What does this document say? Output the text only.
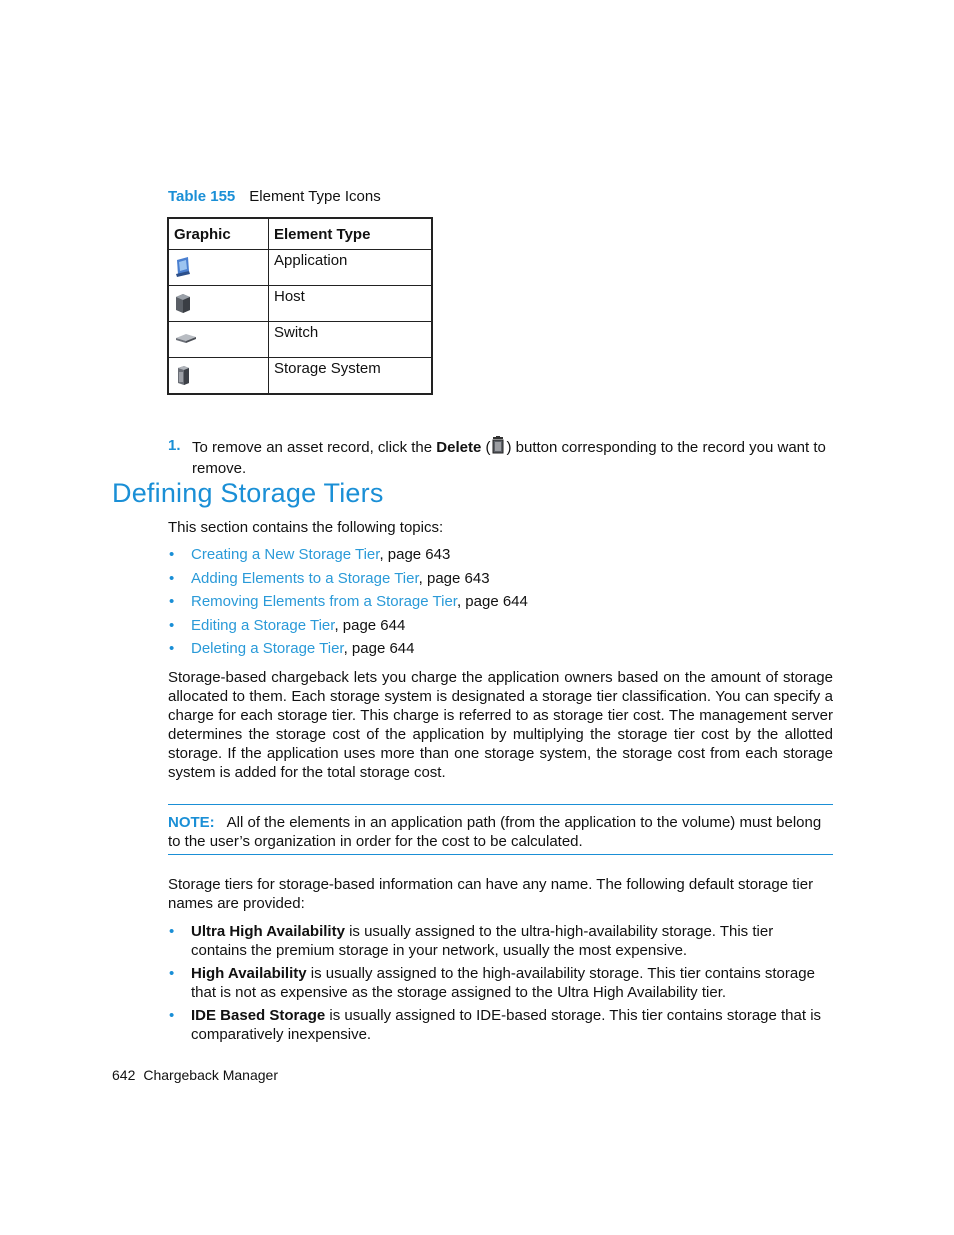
Table 155 Element Type Icons
Graphic	Element Type
	Application
	Host
	Switch
	Storage System
1. To remove an asset record, click the Delete ( ) button corresponding to the record you want to remove.
Defining Storage Tiers
This section contains the following topics:
• Creating a New Storage Tier, page 643
• Adding Elements to a Storage Tier, page 643
• Removing Elements from a Storage Tier, page 644
• Editing a Storage Tier, page 644
• Deleting a Storage Tier, page 644
Storage-based chargeback lets you charge the application owners based on the amount of storage allocated to them. Each storage system is designated a storage tier classification. You can specify a charge for each storage tier. This charge is referred to as storage tier cost. The management server determines the storage cost of the application by multiplying the storage tier cost by the allotted storage. If the application uses more than one storage system, the storage cost from each storage system is added for the total storage cost.
NOTE: All of the elements in an application path (from the application to the volume) must belong to the user’s organization in order for the cost to be calculated.
Storage tiers for storage-based information can have any name. The following default storage tier names are provided:
• Ultra High Availability is usually assigned to the ultra-high-availability storage. This tier contains the premium storage in your network, usually the most expensive.
• High Availability is usually assigned to the high-availability storage. This tier contains storage that is not as expensive as the storage assigned to the Ultra High Availability tier.
• IDE Based Storage is usually assigned to IDE-based storage. This tier contains storage that is comparatively inexpensive.
642 Chargeback Manager
